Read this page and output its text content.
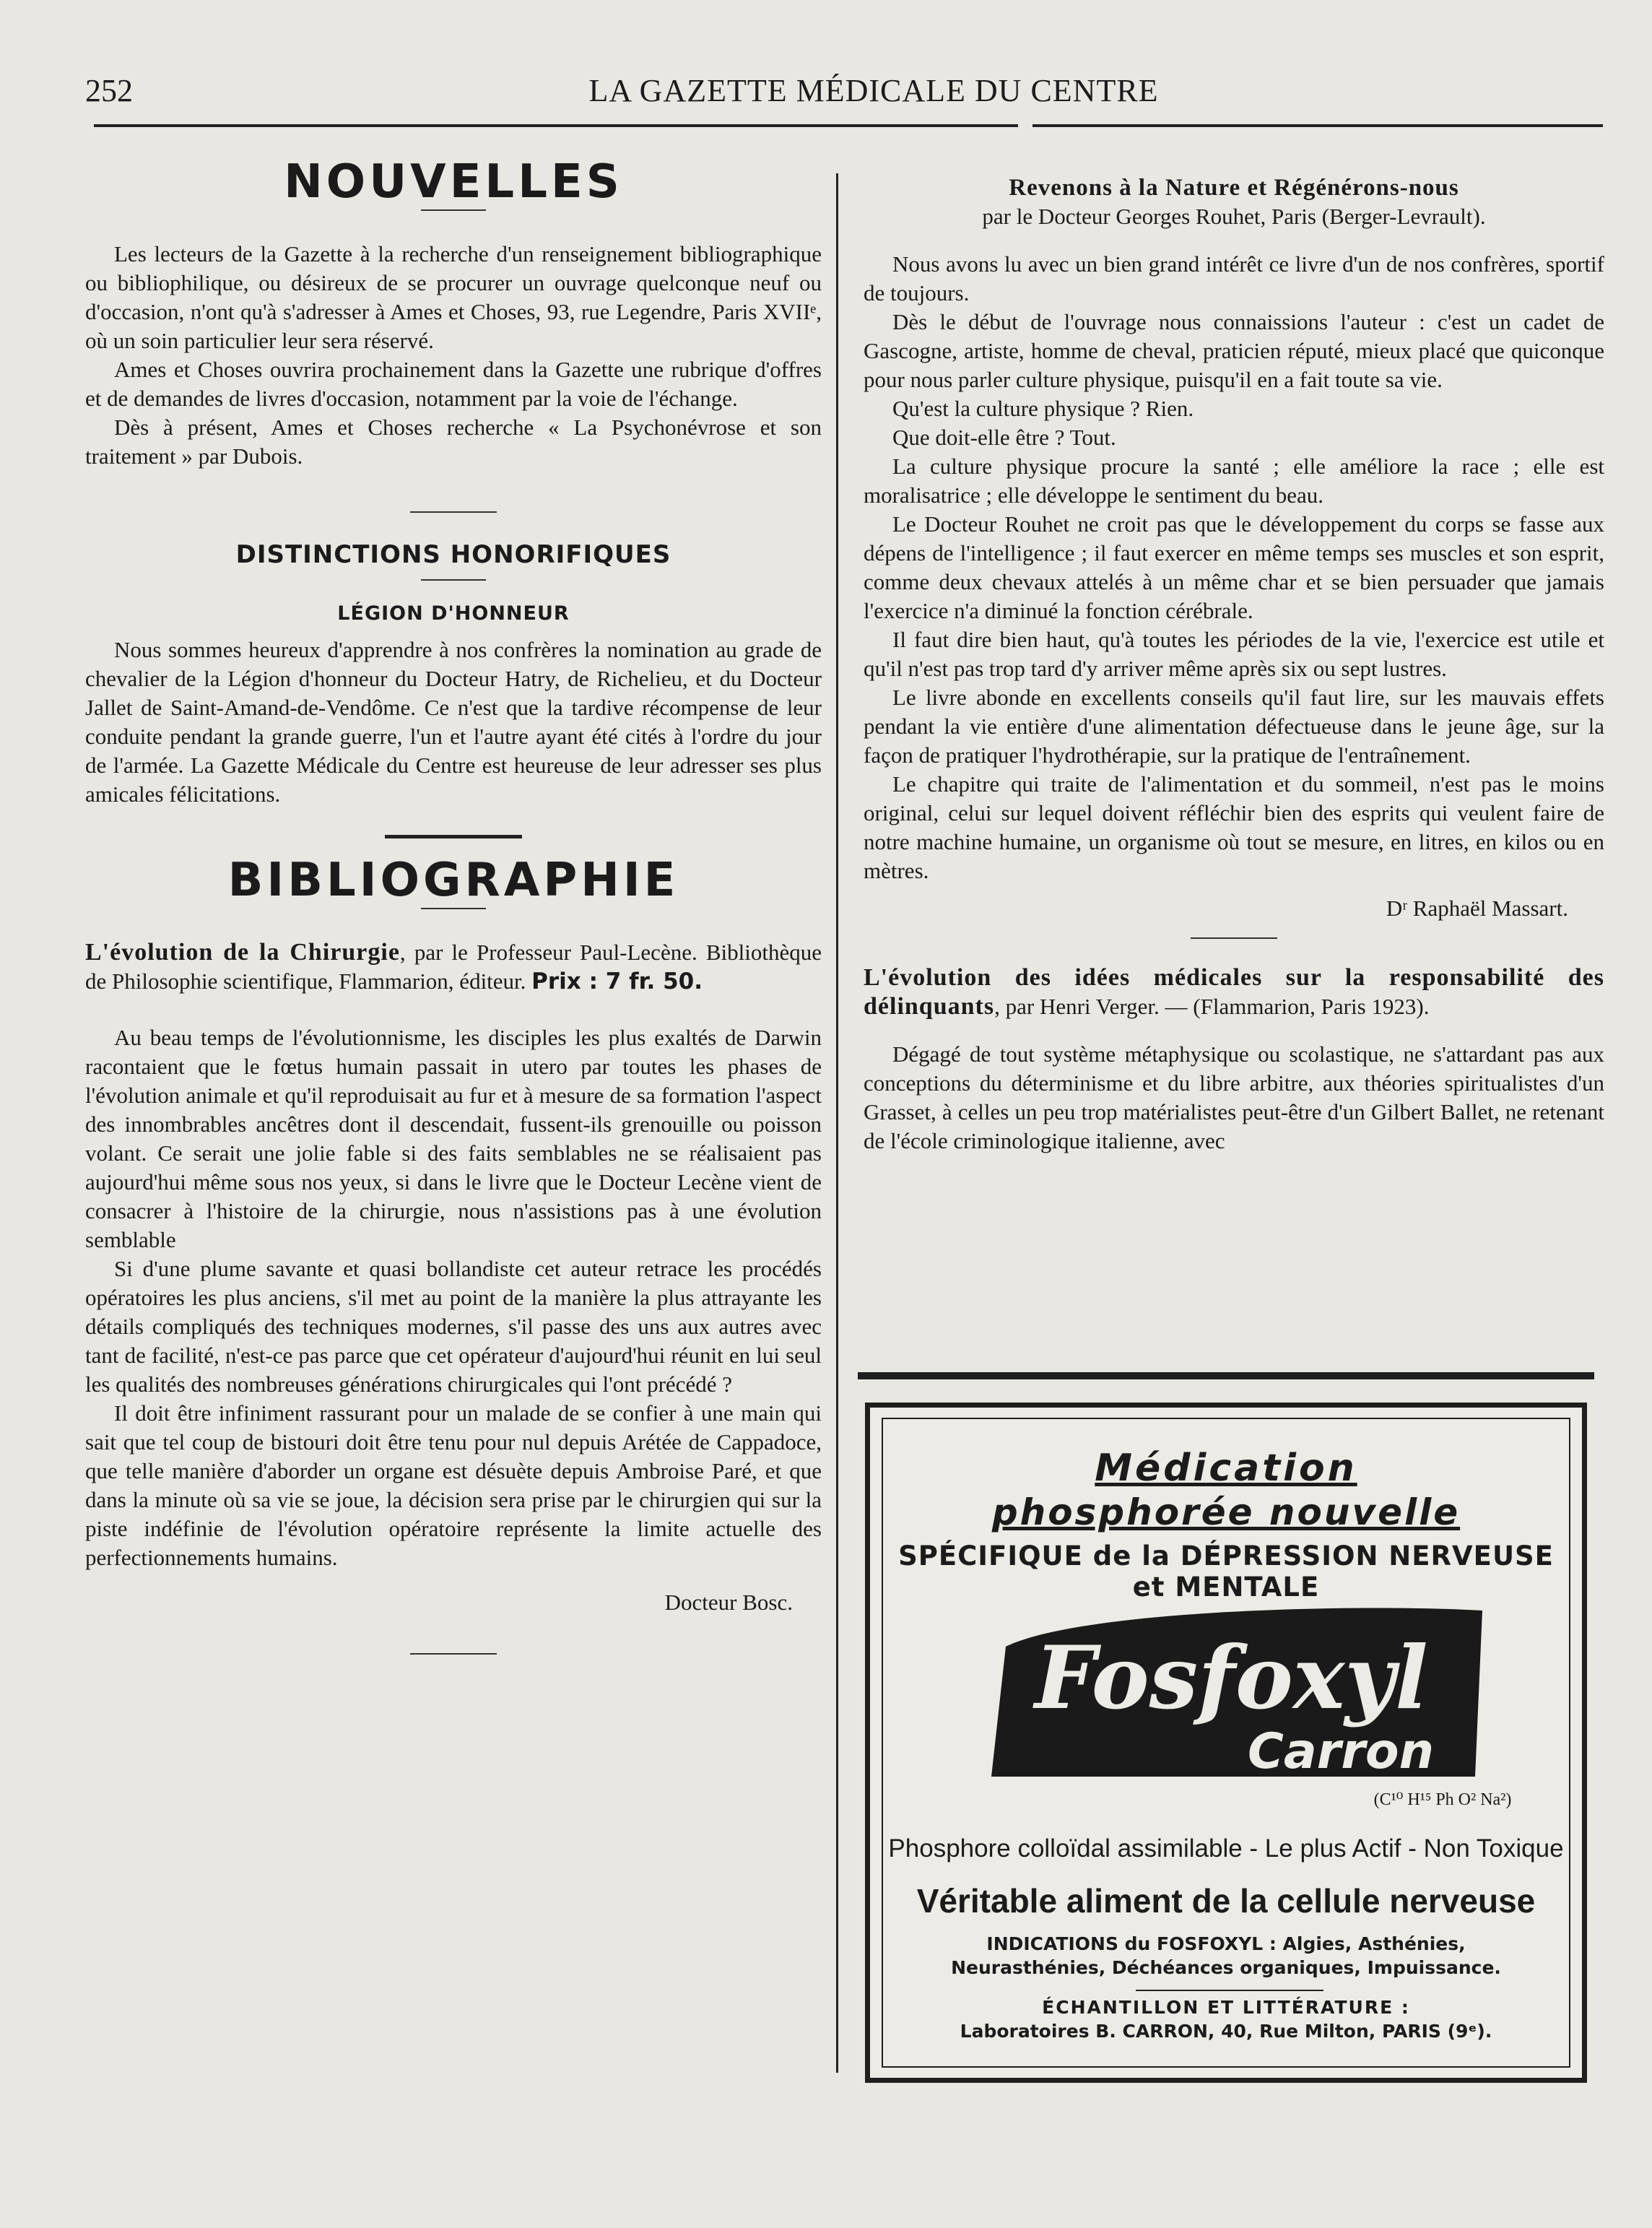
252	LA GAZETTE MÉDICALE DU CENTRE
NOUVELLES

Les lecteurs de la Gazette à la recherche d'un renseignement bibliographique ou bibliophilique, ou désireux de se procurer un ouvrage quelconque neuf ou d'occasion, n'ont qu'à s'adresser à Ames et Choses, 93, rue Legendre, Paris XVIIᵉ, où un soin particulier leur sera réservé.

Ames et Choses ouvrira prochainement dans la Gazette une rubrique d'offres et de demandes de livres d'occasion, notamment par la voie de l'échange.

Dès à présent, Ames et Choses recherche « La Psychonévrose et son traitement » par Dubois.

DISTINCTIONS HONORIFIQUES
LÉGION D'HONNEUR

Nous sommes heureux d'apprendre à nos confrères la nomination au grade de chevalier de la Légion d'honneur du Docteur Hatry, de Richelieu, et du Docteur Jallet de Saint-Amand-de-Vendôme. Ce n'est que la tardive récompense de leur conduite pendant la grande guerre, l'un et l'autre ayant été cités à l'ordre du jour de l'armée. La Gazette Médicale du Centre est heureuse de leur adresser ses plus amicales félicitations.

BIBLIOGRAPHIE
L'évolution de la Chirurgie, par le Professeur Paul-Lecène. Bibliothèque de Philosophie scientifique, Flammarion, éditeur. Prix : 7 fr. 50.

Au beau temps de l'évolutionnisme, les disciples les plus exaltés de Darwin racontaient que le fœtus humain passait in utero par toutes les phases de l'évolution animale et qu'il reproduisait au fur et à mesure de sa formation l'aspect des innombrables ancêtres dont il descendait, fussent-ils grenouille ou poisson volant. Ce serait une jolie fable si des faits semblables ne se réalisaient pas aujourd'hui même sous nos yeux, si dans le livre que le Docteur Lecène vient de consacrer à l'histoire de la chirurgie, nous n'assistions pas à une évolution semblable

Si d'une plume savante et quasi bollandiste cet auteur retrace les procédés opératoires les plus anciens, s'il met au point de la manière la plus attrayante les détails compliqués des techniques modernes, s'il passe des uns aux autres avec tant de facilité, n'est-ce pas parce que cet opérateur d'aujourd'hui réunit en lui seul les qualités des nombreuses générations chirurgicales qui l'ont précédé ?

Il doit être infiniment rassurant pour un malade de se confier à une main qui sait que tel coup de bistouri doit être tenu pour nul depuis Arétée de Cappadoce, que telle manière d'aborder un organe est désuète depuis Ambroise Paré, et que dans la minute où sa vie se joue, la décision sera prise par le chirurgien qui sur la piste indéfinie de l'évolution opératoire représente la limite actuelle des perfectionnements humains.

Docteur Bosc.
Revenons à la Nature et Régénérons-nous
par le Docteur Georges Rouhet, Paris (Berger-Levrault).

Nous avons lu avec un bien grand intérêt ce livre d'un de nos confrères, sportif de toujours.

Dès le début de l'ouvrage nous connaissions l'auteur : c'est un cadet de Gascogne, artiste, homme de cheval, praticien réputé, mieux placé que quiconque pour nous parler culture physique, puisqu'il en a fait toute sa vie.

Qu'est la culture physique ? Rien.

Que doit-elle être ? Tout.

La culture physique procure la santé ; elle améliore la race ; elle est moralisatrice ; elle développe le sentiment du beau.

Le Docteur Rouhet ne croit pas que le développement du corps se fasse aux dépens de l'intelligence ; il faut exercer en même temps ses muscles et son esprit, comme deux chevaux attelés à un même char et se bien persuader que jamais l'exercice n'a diminué la fonction cérébrale.

Il faut dire bien haut, qu'à toutes les périodes de la vie, l'exercice est utile et qu'il n'est pas trop tard d'y arriver même après six ou sept lustres.

Le livre abonde en excellents conseils qu'il faut lire, sur les mauvais effets pendant la vie entière d'une alimentation défectueuse dans le jeune âge, sur la façon de pratiquer l'hydrothérapie, sur la pratique de l'entraînement.

Le chapitre qui traite de l'alimentation et du sommeil, n'est pas le moins original, celui sur lequel doivent réfléchir bien des esprits qui veulent faire de notre machine humaine, un organisme où tout se mesure, en litres, en kilos ou en mètres.

Dʳ Raphaël Massart.
L'évolution des idées médicales sur la responsabilité des délinquants, par Henri Verger. — (Flammarion, Paris 1923).

Dégagé de tout système métaphysique ou scolastique, ne s'attardant pas aux conceptions du déterminisme et du libre arbitre, aux théories spiritualistes d'un Grasset, à celles un peu trop matérialistes peut-être d'un Gilbert Ballet, ne retenant de l'école criminologique italienne, avec

Médication
phosphorée nouvelle
SPÉCIFIQUE de la DÉPRESSION NERVEUSE et MENTALE
Fosfoxyl
Carron
(C¹⁰ H¹⁵ Ph O² Na²)
Phosphore colloïdal assimilable - Le plus Actif - Non Toxique
Véritable aliment de la cellule nerveuse
INDICATIONS du FOSFOXYL : Algies, Asthénies,
Neurasthénies, Déchéances organiques, Impuissance.
ÉCHANTILLON ET LITTÉRATURE :
Laboratoires B. CARRON, 40, Rue Milton, PARIS (9ᵉ).
